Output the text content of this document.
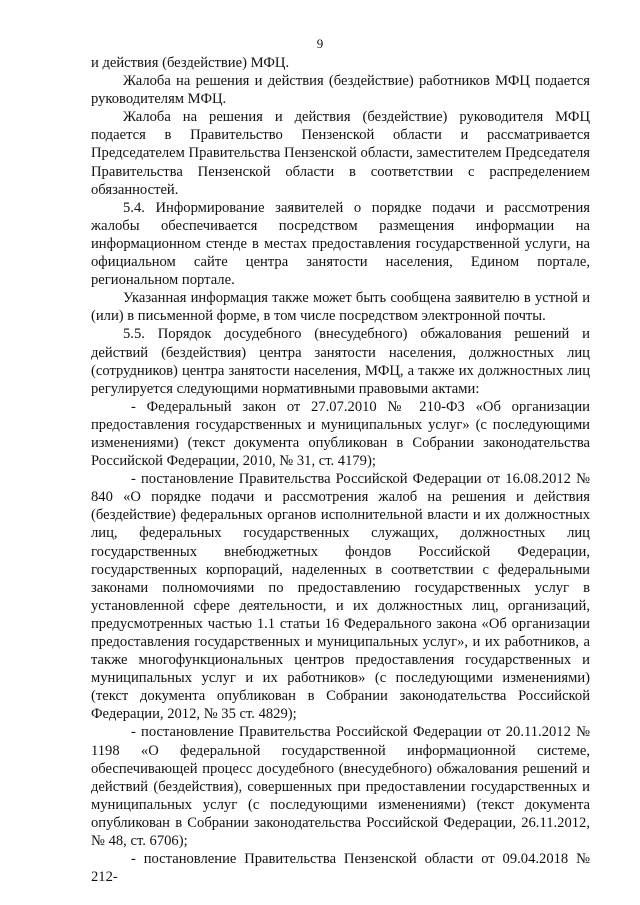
9

и действия (бездействие) МФЦ.

Жалоба на решения и действия (бездействие) работников МФЦ подается руководителям МФЦ.

Жалоба на решения и действия (бездействие) руководителя МФЦ подается в Правительство Пензенской области и рассматривается Председателем Правительства Пензенской области, заместителем Председателя Правительства Пензенской области в соответствии с распределением обязанностей.

5.4. Информирование заявителей о порядке подачи и рассмотрения жалобы обеспечивается посредством размещения информации на информационном стенде в местах предоставления государственной услуги, на официальном сайте центра занятости населения, Едином портале, региональном портале.

Указанная информация также может быть сообщена заявителю в устной и (или) в письменной форме, в том числе посредством электронной почты.

5.5. Порядок досудебного (внесудебного) обжалования решений и действий (бездействия) центра занятости населения, должностных лиц (сотрудников) центра занятости населения, МФЦ, а также их должностных лиц регулируется следующими нормативными правовыми актами:

- Федеральный закон от 27.07.2010 № 210-ФЗ «Об организации предоставления государственных и муниципальных услуг» (с последующими изменениями) (текст документа опубликован в Собрании законодательства Российской Федерации, 2010, № 31, ст. 4179);

- постановление Правительства Российской Федерации от 16.08.2012 № 840 «О порядке подачи и рассмотрения жалоб на решения и действия (бездействие) федеральных органов исполнительной власти и их должностных лиц, федеральных государственных служащих, должностных лиц государственных внебюджетных фондов Российской Федерации, государственных корпораций, наделенных в соответствии с федеральными законами полномочиями по предоставлению государственных услуг в установленной сфере деятельности, и их должностных лиц, организаций, предусмотренных частью 1.1 статьи 16 Федерального закона «Об организации предоставления государственных и муниципальных услуг», и их работников, а также многофункциональных центров предоставления государственных и муниципальных услуг и их работников» (с последующими изменениями) (текст документа опубликован в Собрании законодательства Российской Федерации, 2012, № 35 ст. 4829);

- постановление Правительства Российской Федерации от 20.11.2012 № 1198 «О федеральной государственной информационной системе, обеспечивающей процесс досудебного (внесудебного) обжалования решений и действий (бездействия), совершенных при предоставлении государственных и муниципальных услуг (с последующими изменениями) (текст документа опубликован в Собрании законодательства Российской Федерации, 26.11.2012, № 48, ст. 6706);

- постановление Правительства Пензенской области от 09.04.2018 № 212-
